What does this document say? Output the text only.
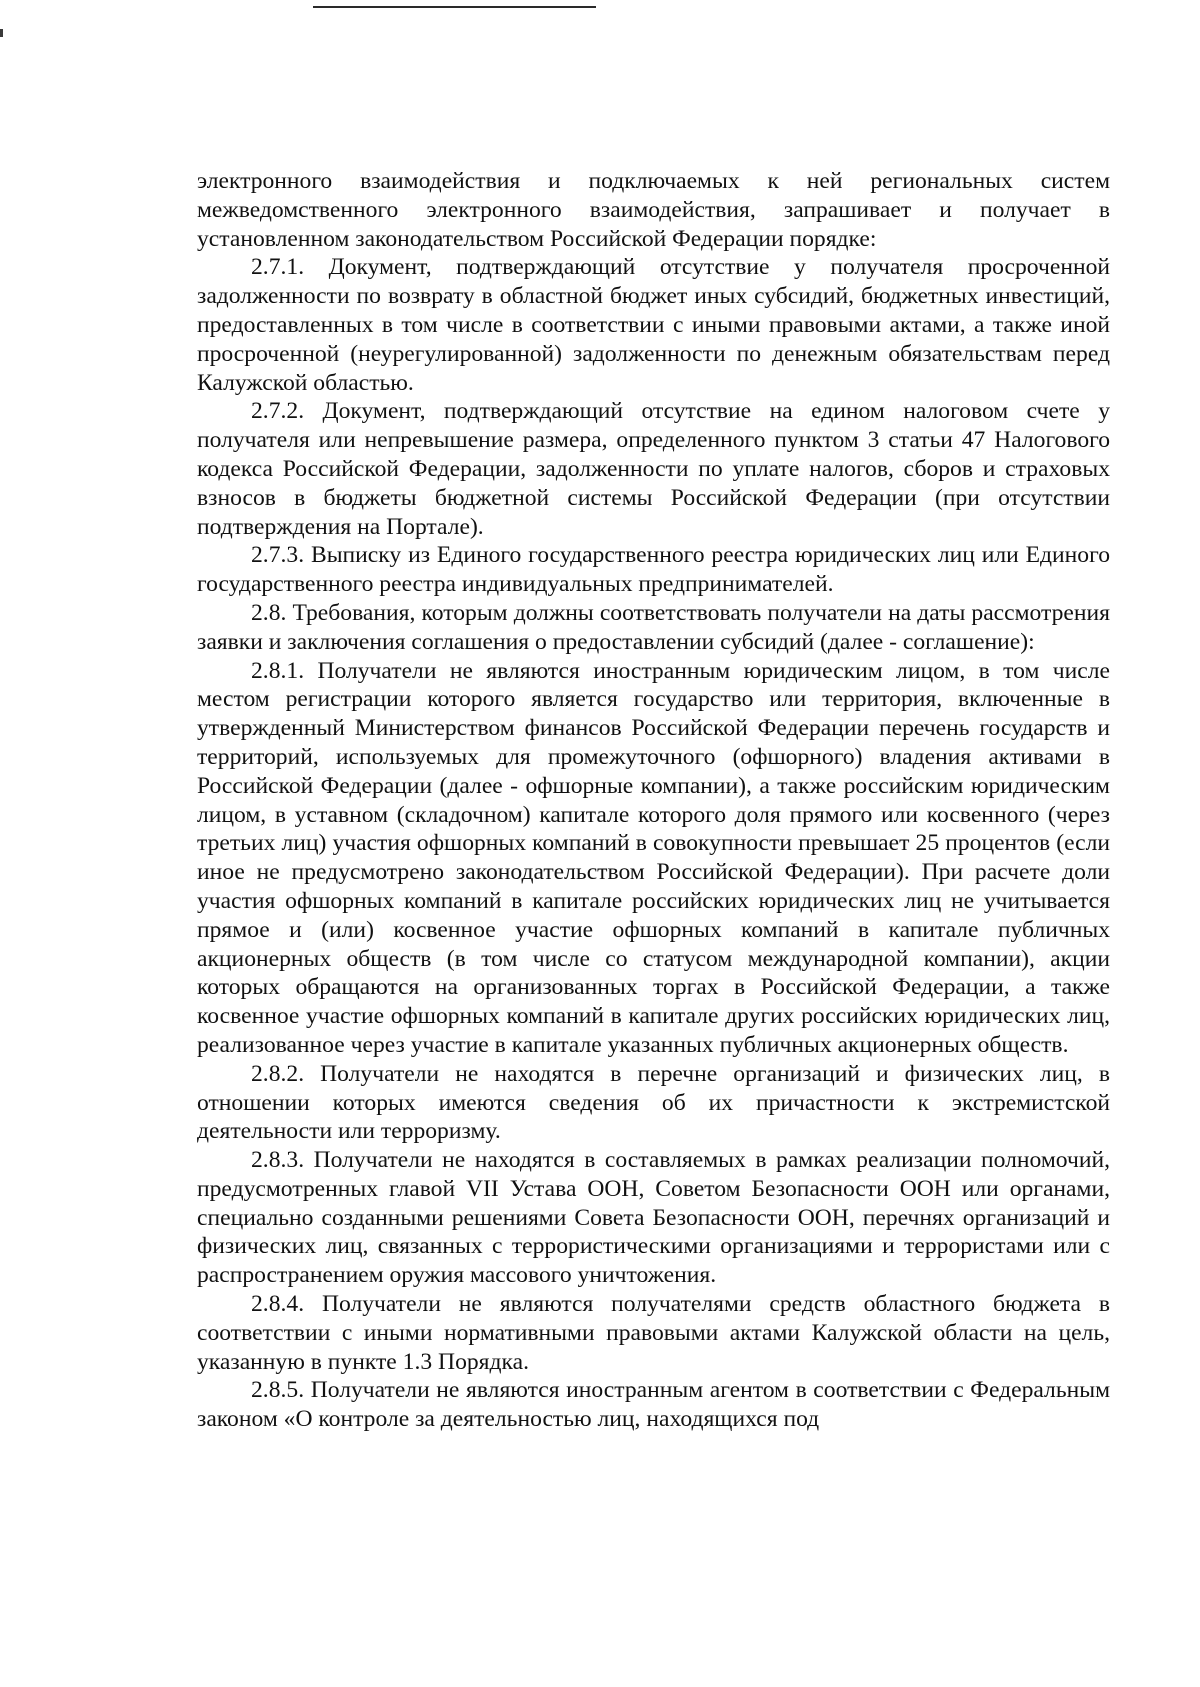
электронного взаимодействия и подключаемых к ней региональных систем межведомственного электронного взаимодействия, запрашивает и получает в установленном законодательством Российской Федерации порядке:

2.7.1. Документ, подтверждающий отсутствие у получателя просроченной задолженности по возврату в областной бюджет иных субсидий, бюджетных инвестиций, предоставленных в том числе в соответствии с иными правовыми актами, а также иной просроченной (неурегулированной) задолженности по денежным обязательствам перед Калужской областью.

2.7.2. Документ, подтверждающий отсутствие на едином налоговом счете у получателя или непревышение размера, определенного пунктом 3 статьи 47 Налогового кодекса Российской Федерации, задолженности по уплате налогов, сборов и страховых взносов в бюджеты бюджетной системы Российской Федерации (при отсутствии подтверждения на Портале).

2.7.3. Выписку из Единого государственного реестра юридических лиц или Единого государственного реестра индивидуальных предпринимателей.

2.8. Требования, которым должны соответствовать получатели на даты рассмотрения заявки и заключения соглашения о предоставлении субсидий (далее - соглашение):

2.8.1. Получатели не являются иностранным юридическим лицом, в том числе местом регистрации которого является государство или территория, включенные в утвержденный Министерством финансов Российской Федерации перечень государств и территорий, используемых для промежуточного (офшорного) владения активами в Российской Федерации (далее - офшорные компании), а также российским юридическим лицом, в уставном (складочном) капитале которого доля прямого или косвенного (через третьих лиц) участия офшорных компаний в совокупности превышает 25 процентов (если иное не предусмотрено законодательством Российской Федерации). При расчете доли участия офшорных компаний в капитале российских юридических лиц не учитывается прямое и (или) косвенное участие офшорных компаний в капитале публичных акционерных обществ (в том числе со статусом международной компании), акции которых обращаются на организованных торгах в Российской Федерации, а также косвенное участие офшорных компаний в капитале других российских юридических лиц, реализованное через участие в капитале указанных публичных акционерных обществ.

2.8.2. Получатели не находятся в перечне организаций и физических лиц, в отношении которых имеются сведения об их причастности к экстремистской деятельности или терроризму.

2.8.3. Получатели не находятся в составляемых в рамках реализации полномочий, предусмотренных главой VII Устава ООН, Советом Безопасности ООН или органами, специально созданными решениями Совета Безопасности ООН, перечнях организаций и физических лиц, связанных с террористическими организациями и террористами или с распространением оружия массового уничтожения.

2.8.4. Получатели не являются получателями средств областного бюджета в соответствии с иными нормативными правовыми актами Калужской области на цель, указанную в пункте 1.3 Порядка.

2.8.5. Получатели не являются иностранным агентом в соответствии с Федеральным законом «О контроле за деятельностью лиц, находящихся под
